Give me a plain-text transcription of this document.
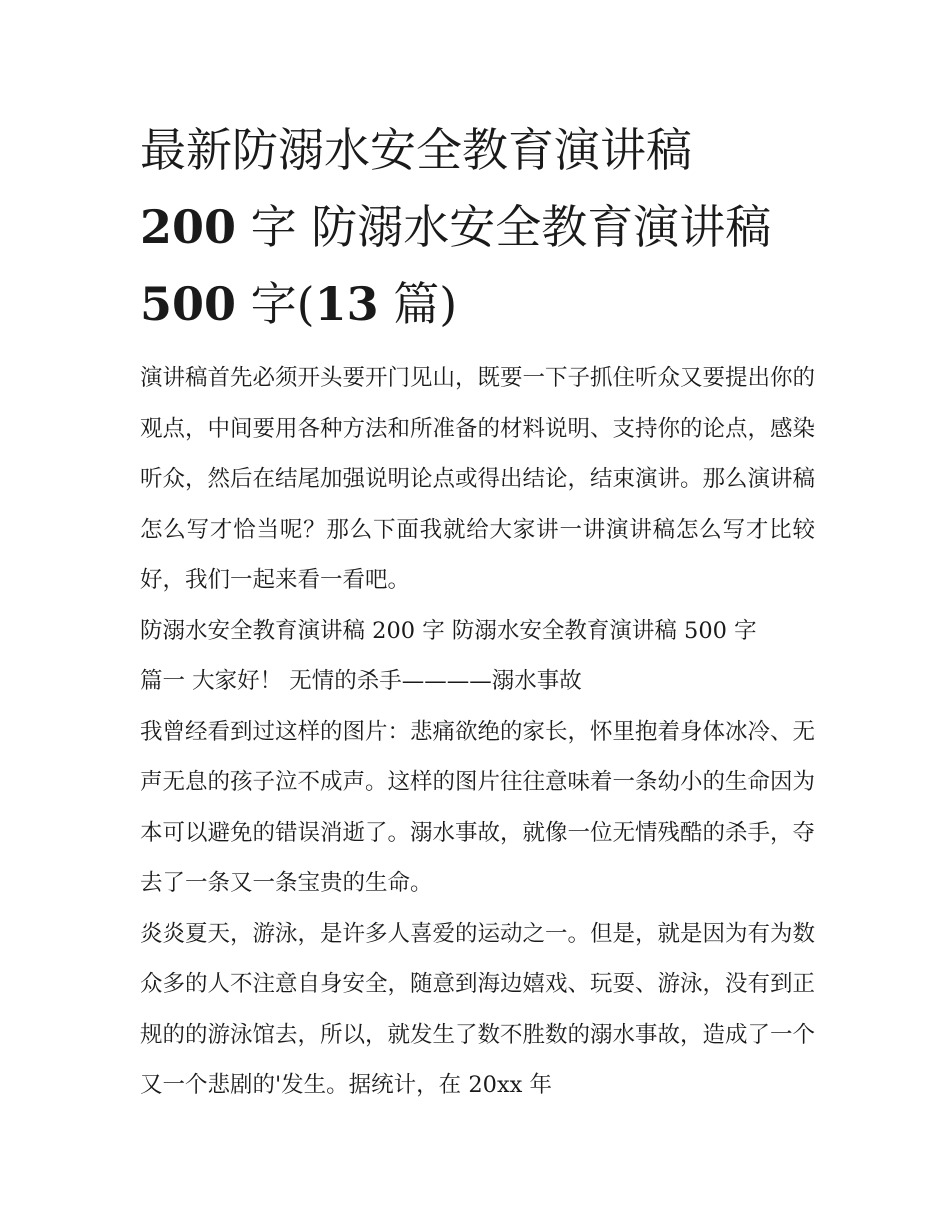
最新防溺水安全教育演讲稿
200 字 防溺水安全教育演讲稿
500 字(13 篇)

演讲稿首先必须开头要开门见山，既要一下子抓住听众又要提出你的观点，中间要用各种方法和所准备的材料说明、支持你的论点，感染听众，然后在结尾加强说明论点或得出结论，结束演讲。那么演讲稿怎么写才恰当呢？那么下面我就给大家讲一讲演讲稿怎么写才比较好，我们一起来看一看吧。

防溺水安全教育演讲稿 200 字 防溺水安全教育演讲稿 500 字

篇一 大家好！ 无情的杀手————溺水事故

我曾经看到过这样的图片：悲痛欲绝的家长，怀里抱着身体冰冷、无声无息的孩子泣不成声。这样的图片往往意味着一条幼小的生命因为本可以避免的错误消逝了。溺水事故，就像一位无情残酷的杀手，夺去了一条又一条宝贵的生命。

炎炎夏天，游泳，是许多人喜爱的运动之一。但是，就是因为有为数众多的人不注意自身安全，随意到海边嬉戏、玩耍、游泳，没有到正规的的游泳馆去，所以，就发生了数不胜数的溺水事故，造成了一个又一个悲剧的'发生。据统计，在 20xx 年
